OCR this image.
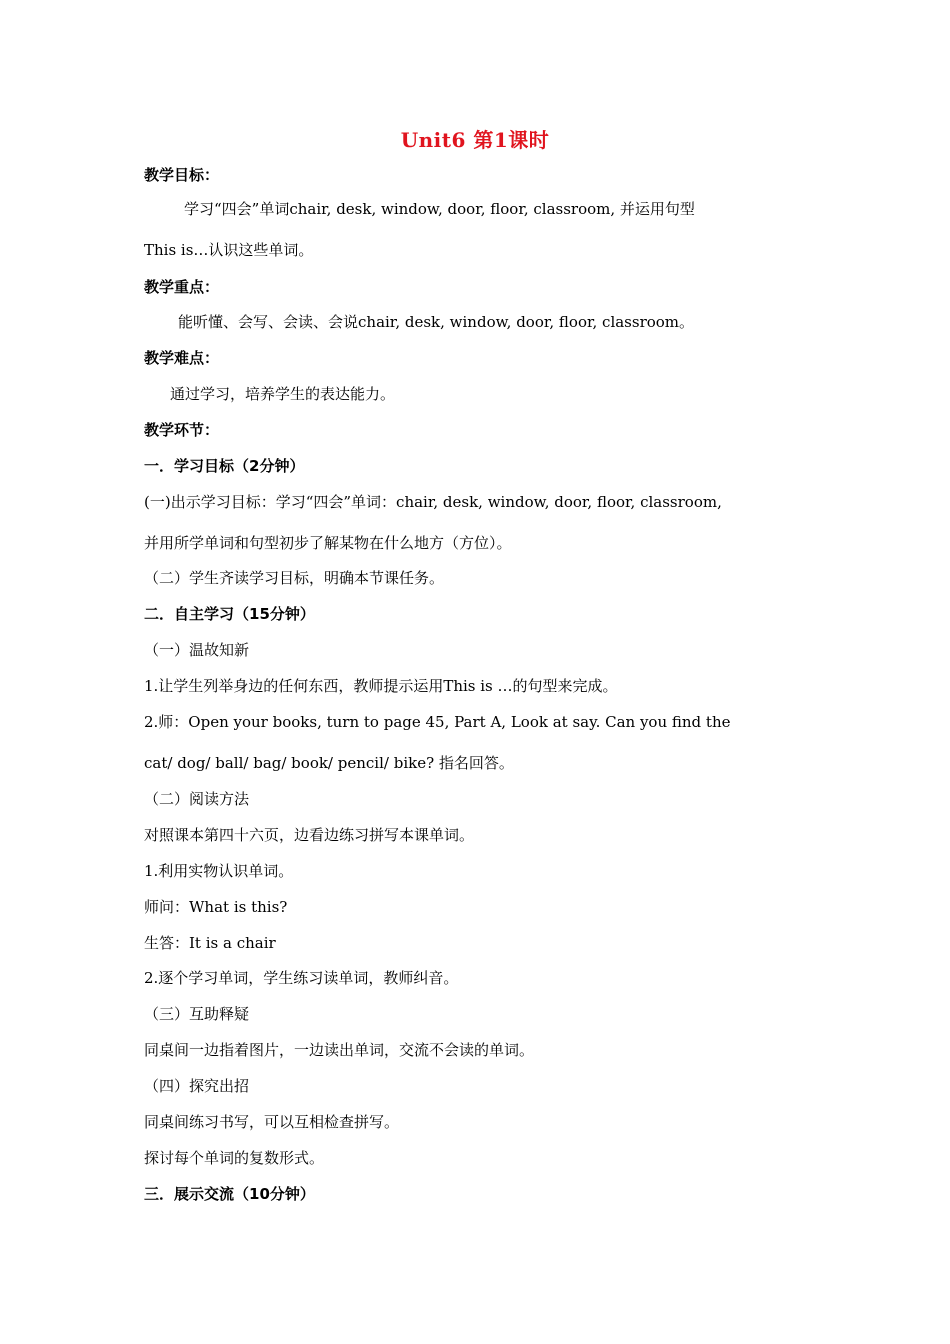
Unit6 第1课时
教学目标：
学习“四会”单词chair, desk, window, door, floor, classroom, 并运用句型
This is…认识这些单词。
教学重点：
能听懂、会写、会读、会说chair, desk, window, door, floor, classroom。
教学难点：
通过学习，培养学生的表达能力。
教学环节：
一．学习目标（2分钟）
(一)出示学习目标：学习“四会”单词：chair, desk, window, door, floor, classroom,
并用所学单词和句型初步了解某物在什么地方（方位）。
（二）学生齐读学习目标，明确本节课任务。
二．自主学习（15分钟）
（一）温故知新
1.让学生列举身边的任何东西，教师提示运用This is …的句型来完成。
2.师：Open your books, turn to page 45, Part A, Look at say. Can you find the
cat/ dog/ ball/ bag/ book/ pencil/ bike? 指名回答。
（二）阅读方法
对照课本第四十六页，边看边练习拼写本课单词。
1.利用实物认识单词。
师问：What is this?
生答：It is a chair
2.逐个学习单词，学生练习读单词，教师纠音。
（三）互助释疑
同桌间一边指着图片，一边读出单词，交流不会读的单词。
（四）探究出招
同桌间练习书写，可以互相检查拼写。
探讨每个单词的复数形式。
三．展示交流（10分钟）
